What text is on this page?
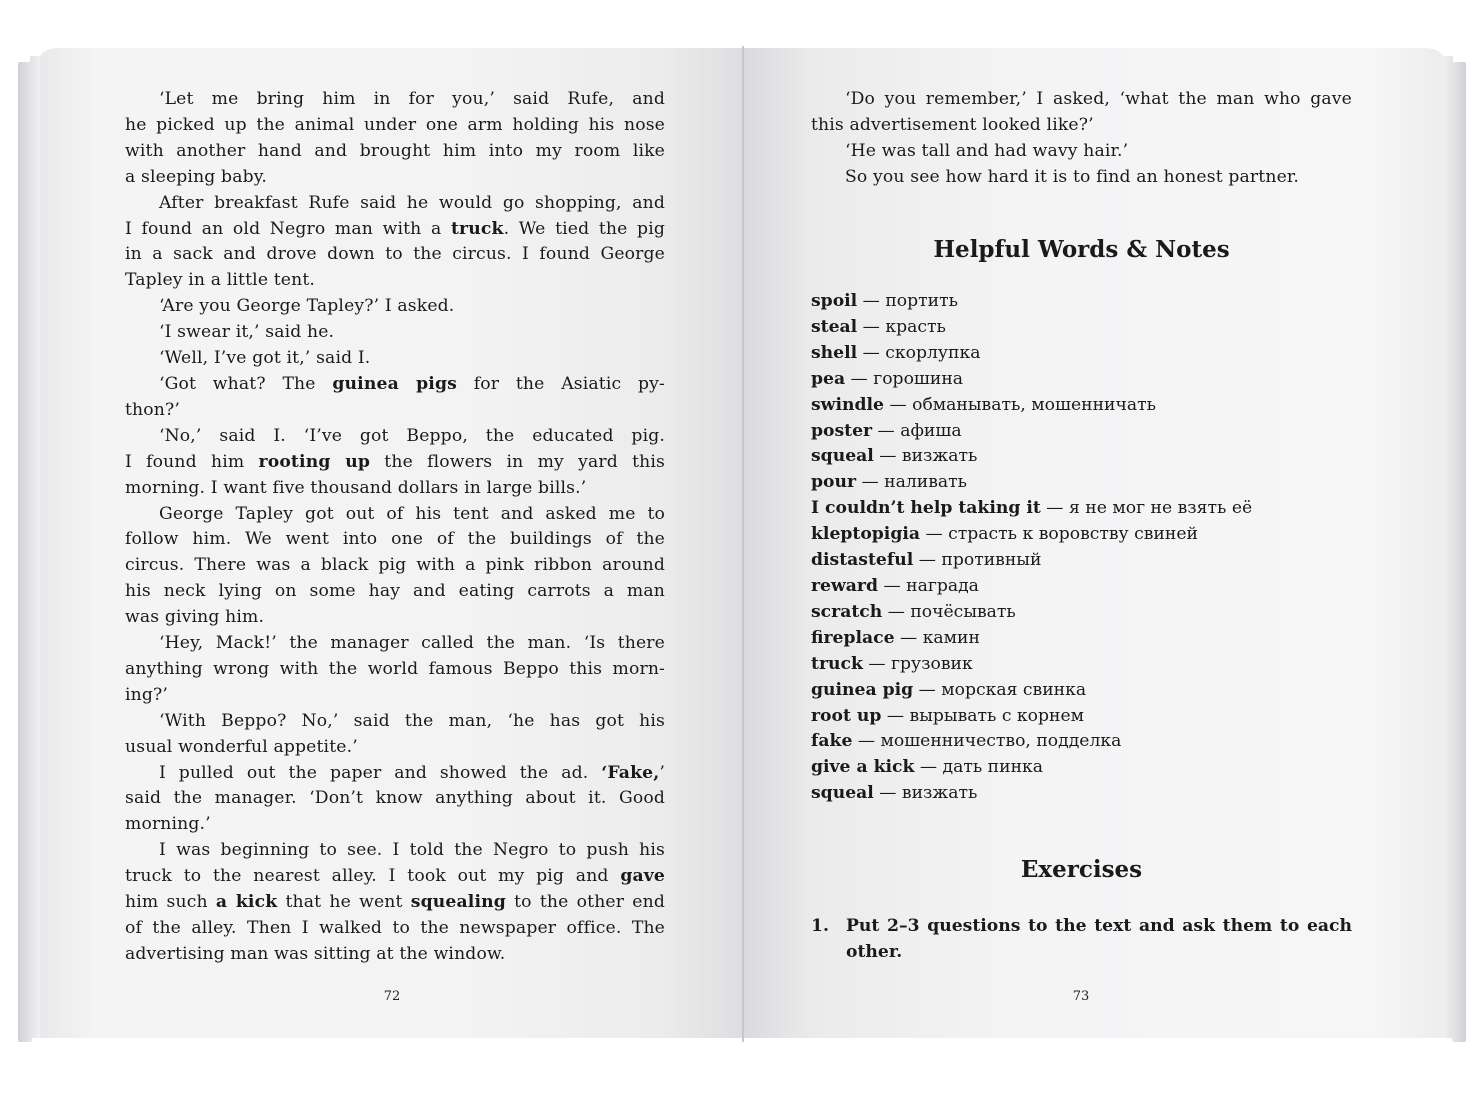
‘Let me bring him in for you,’ said Rufe, and
he picked up the animal under one arm holding his nose
with another hand and brought him into my room like
a sleeping baby.
After breakfast Rufe said he would go shopping, and
I found an old Negro man with a truck. We tied the pig
in a sack and drove down to the circus. I found George
Tapley in a little tent.
‘Are you George Tapley?’ I asked.
‘I swear it,’ said he.
‘Well, I’ve got it,’ said I.
‘Got what? The guinea pigs for the Asiatic py-
thon?’
‘No,’ said I. ‘I’ve got Beppo, the educated pig.
I found him rooting up the flowers in my yard this
morning. I want five thousand dollars in large bills.’
George Tapley got out of his tent and asked me to
follow him. We went into one of the buildings of the
circus. There was a black pig with a pink ribbon around
his neck lying on some hay and eating carrots a man
was giving him.
‘Hey, Mack!’ the manager called the man. ‘Is there
anything wrong with the world famous Beppo this morn-
ing?’
‘With Beppo? No,’ said the man, ‘he has got his
usual wonderful appetite.’
I pulled out the paper and showed the ad. ‘Fake,’
said the manager. ‘Don’t know anything about it. Good
morning.’
I was beginning to see. I told the Negro to push his
truck to the nearest alley. I took out my pig and gave
him such a kick that he went squealing to the other end
of the alley. Then I walked to the newspaper office. The
advertising man was sitting at the window.
72
‘Do you remember,’ I asked, ‘what the man who gave
this advertisement looked like?’
‘He was tall and had wavy hair.’
So you see how hard it is to find an honest partner.
Helpful Words & Notes
spoil — портить
steal — красть
shell — скорлупка
pea — горошина
swindle — обманывать, мошенничать
poster — афиша
squeal — визжать
pour — наливать
I couldn’t help taking it — я не мог не взять её
kleptopigia — страсть к воровству свиней
distasteful — противный
reward — награда
scratch — почёсывать
fireplace — камин
truck — грузовик
guinea pig — морская свинка
root up — вырывать с корнем
fake — мошенничество, подделка
give a kick — дать пинка
squeal — визжать
Exercises
1. Put 2–3 questions to the text and ask them to each other.
73
